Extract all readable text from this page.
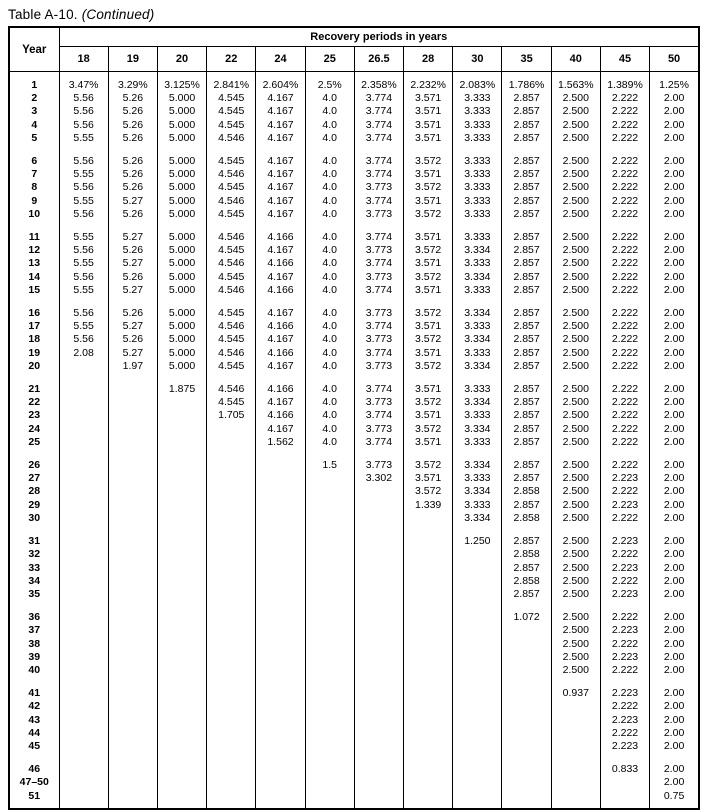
Table A-10. (Continued)
Year	Recovery periods in years												
	18	19	20	22	24	25	26.5	28	30	35	40	45	50
1	3.47%	3.29%	3.125%	2.841%	2.604%	2.5%	2.358%	2.232%	2.083%	1.786%	1.563%	1.389%	1.25%
2	5.56	5.26	5.000	4.545	4.167	4.0	3.774	3.571	3.333	2.857	2.500	2.222	2.00
3	5.56	5.26	5.000	4.545	4.167	4.0	3.774	3.571	3.333	2.857	2.500	2.222	2.00
4	5.56	5.26	5.000	4.545	4.167	4.0	3.774	3.571	3.333	2.857	2.500	2.222	2.00
5	5.55	5.26	5.000	4.546	4.167	4.0	3.774	3.571	3.333	2.857	2.500	2.222	2.00
6	5.56	5.26	5.000	4.545	4.167	4.0	3.774	3.572	3.333	2.857	2.500	2.222	2.00
7	5.55	5.26	5.000	4.546	4.167	4.0	3.774	3.571	3.333	2.857	2.500	2.222	2.00
8	5.56	5.26	5.000	4.545	4.167	4.0	3.773	3.572	3.333	2.857	2.500	2.222	2.00
9	5.55	5.27	5.000	4.546	4.167	4.0	3.774	3.571	3.333	2.857	2.500	2.222	2.00
10	5.56	5.26	5.000	4.545	4.167	4.0	3.773	3.572	3.333	2.857	2.500	2.222	2.00
11	5.55	5.27	5.000	4.546	4.166	4.0	3.774	3.571	3.333	2.857	2.500	2.222	2.00
12	5.56	5.26	5.000	4.545	4.167	4.0	3.773	3.572	3.334	2.857	2.500	2.222	2.00
13	5.55	5.27	5.000	4.546	4.166	4.0	3.774	3.571	3.333	2.857	2.500	2.222	2.00
14	5.56	5.26	5.000	4.545	4.167	4.0	3.773	3.572	3.334	2.857	2.500	2.222	2.00
15	5.55	5.27	5.000	4.546	4.166	4.0	3.774	3.571	3.333	2.857	2.500	2.222	2.00
16	5.56	5.26	5.000	4.545	4.167	4.0	3.773	3.572	3.334	2.857	2.500	2.222	2.00
17	5.55	5.27	5.000	4.546	4.166	4.0	3.774	3.571	3.333	2.857	2.500	2.222	2.00
18	5.56	5.26	5.000	4.545	4.167	4.0	3.773	3.572	3.334	2.857	2.500	2.222	2.00
19	2.08	5.27	5.000	4.546	4.166	4.0	3.774	3.571	3.333	2.857	2.500	2.222	2.00
20		1.97	5.000	4.545	4.167	4.0	3.773	3.572	3.334	2.857	2.500	2.222	2.00
21			1.875	4.546	4.166	4.0	3.774	3.571	3.333	2.857	2.500	2.222	2.00
22				4.545	4.167	4.0	3.773	3.572	3.334	2.857	2.500	2.222	2.00
23				1.705	4.166	4.0	3.774	3.571	3.333	2.857	2.500	2.222	2.00
24					4.167	4.0	3.773	3.572	3.334	2.857	2.500	2.222	2.00
25					1.562	4.0	3.774	3.571	3.333	2.857	2.500	2.222	2.00
26						1.5	3.773	3.572	3.334	2.857	2.500	2.222	2.00
27							3.302	3.571	3.333	2.857	2.500	2.223	2.00
28								3.572	3.334	2.858	2.500	2.222	2.00
29								1.339	3.333	2.857	2.500	2.223	2.00
30									3.334	2.858	2.500	2.222	2.00
31									1.250	2.857	2.500	2.223	2.00
32										2.858	2.500	2.222	2.00
33										2.857	2.500	2.223	2.00
34										2.858	2.500	2.222	2.00
35										2.857	2.500	2.223	2.00
36										1.072	2.500	2.222	2.00
37											2.500	2.223	2.00
38											2.500	2.222	2.00
39											2.500	2.223	2.00
40											2.500	2.222	2.00
41											0.937	2.223	2.00
42												2.222	2.00
43												2.223	2.00
44												2.222	2.00
45												2.223	2.00
46												0.833	2.00
47–50													2.00
51													0.75
